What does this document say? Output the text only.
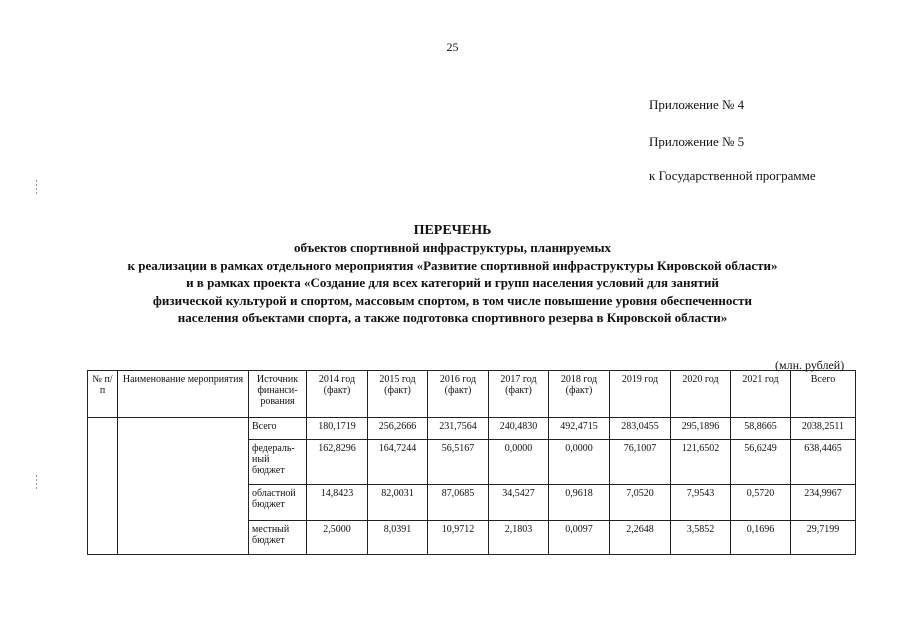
25
Приложение № 4
Приложение № 5
к Государственной программе
ПЕРЕЧЕНЬ
объектов спортивной инфраструктуры, планируемых
к реализации в рамках отдельного мероприятия «Развитие спортивной инфраструктуры Кировской области»
и в рамках проекта «Создание для всех категорий и групп населения условий для занятий
физической культурой и спортом, массовым спортом, в том числе повышение уровня обеспеченности
населения объектами спорта, а также подготовка спортивного резерва в Кировской области»
(млн. рублей)
№ п/п	Наименование мероприятия	Источник финанси-рования	2014 год (факт)	2015 год (факт)	2016 год (факт)	2017 год (факт)	2018 год (факт)	2019 год	2020 год	2021 год	Всего
		Всего	180,1719	256,2666	231,7564	240,4830	492,4715	283,0455	295,1896	58,8665	2038,2511
		федераль-ный бюджет	162,8296	164,7244	56,5167	0,0000	0,0000	76,1007	121,6502	56,6249	638,4465
		областной бюджет	14,8423	82,0031	87,0685	34,5427	0,9618	7,0520	7,9543	0,5720	234,9967
		местный бюджет	2,5000	8,0391	10,9712	2,1803	0,0097	2,2648	3,5852	0,1696	29,7199
